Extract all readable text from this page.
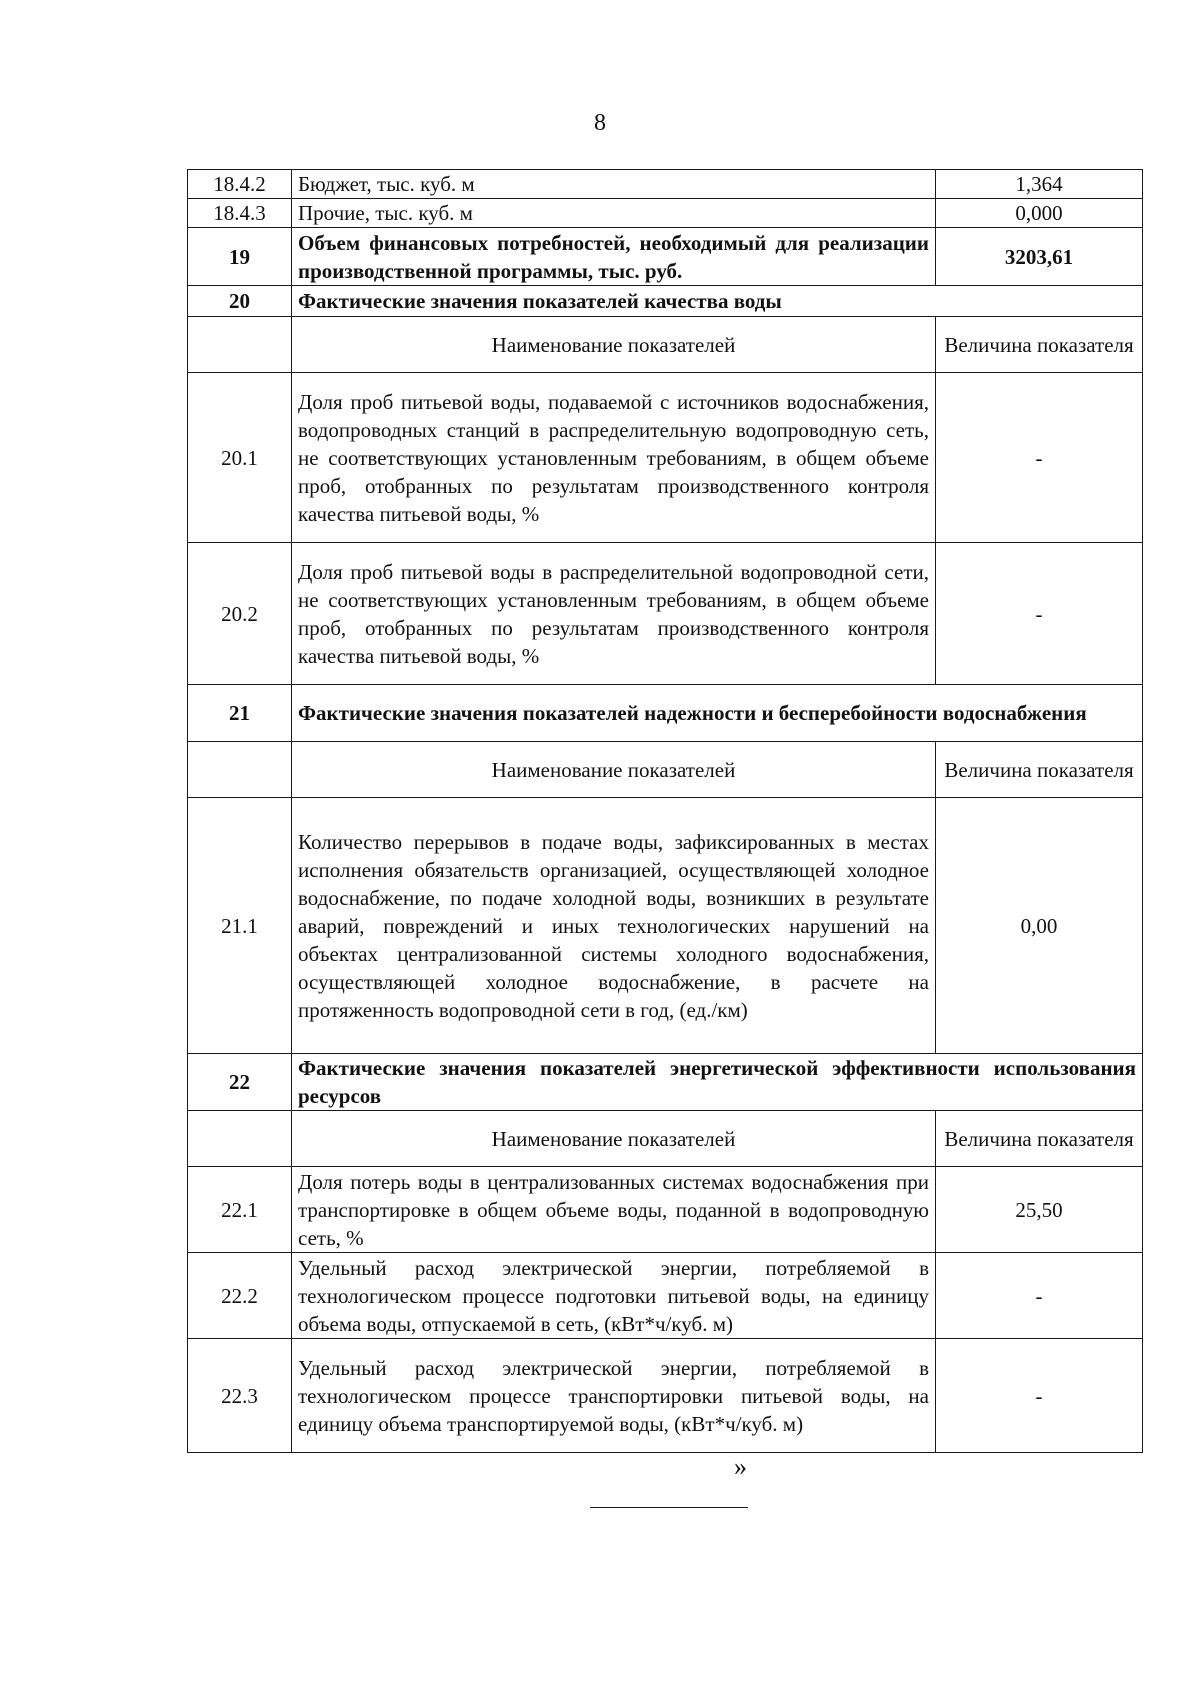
8
18.4.2	Бюджет, тыс. куб. м	1,364
18.4.3	Прочие, тыс. куб. м	0,000
19	Объем финансовых потребностей, необходимый для реализации производственной программы, тыс. руб.	3203,61
20	Фактические значения показателей качества воды	
	Наименование показателей	Величина показателя
20.1	Доля проб питьевой воды, подаваемой с источников водоснабжения, водопроводных станций в распределительную водопроводную сеть, не соответствующих установленным требованиям, в общем объеме проб, отобранных по результатам производственного контроля качества питьевой воды, %	-
20.2	Доля проб питьевой воды в распределительной водопроводной сети, не соответствующих установленным требованиям, в общем объеме проб, отобранных по результатам производственного контроля качества питьевой воды, %	-
21	Фактические значения показателей надежности и бесперебойности водоснабжения	
	Наименование показателей	Величина показателя
21.1	Количество перерывов в подаче воды, зафиксированных в местах исполнения обязательств организацией, осуществляющей холодное водоснабжение, по подаче холодной воды, возникших в результате аварий, повреждений и иных технологических нарушений на объектах централизованной системы холодного водоснабжения, осуществляющей холодное водоснабжение, в расчете на протяженность водопроводной сети в год, (ед./км)	0,00
22	Фактические значения показателей энергетической эффективности использования ресурсов	
	Наименование показателей	Величина показателя
22.1	Доля потерь воды в централизованных системах водоснабжения при транспортировке в общем объеме воды, поданной в водопроводную сеть, %	25,50
22.2	Удельный расход электрической энергии, потребляемой в технологическом процессе подготовки питьевой воды, на единицу объема воды, отпускаемой в сеть, (кВт*ч/куб. м)	-
22.3	Удельный расход электрической энергии, потребляемой в технологическом процессе транспортировки питьевой воды, на единицу объема транспортируемой воды, (кВт*ч/куб. м)	-
»
